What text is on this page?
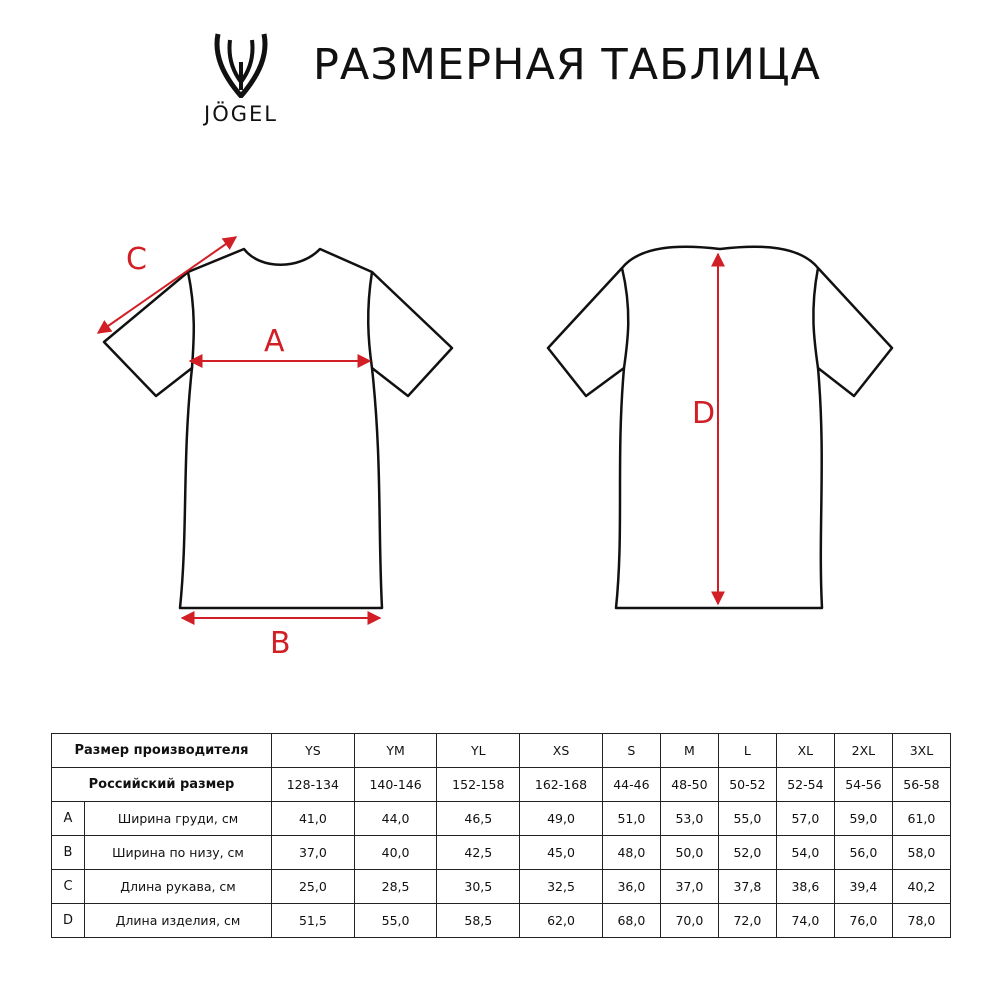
JÖGEL
РАЗМЕРНАЯ ТАБЛИЦА
A
B
C
D
Размер производителя		YS	YM	YL	XS	S	M	L	XL	2XL	3XL
Российский размер		128-134	140-146	152-158	162-168	44-46	48-50	50-52	52-54	54-56	56-58
A	Ширина груди, см	41,0	44,0	46,5	49,0	51,0	53,0	55,0	57,0	59,0	61,0
B	Ширина по низу, см	37,0	40,0	42,5	45,0	48,0	50,0	52,0	54,0	56,0	58,0
C	Длина рукава, см	25,0	28,5	30,5	32,5	36,0	37,0	37,8	38,6	39,4	40,2
D	Длина изделия, см	51,5	55,0	58,5	62,0	68,0	70,0	72,0	74,0	76,0	78,0
